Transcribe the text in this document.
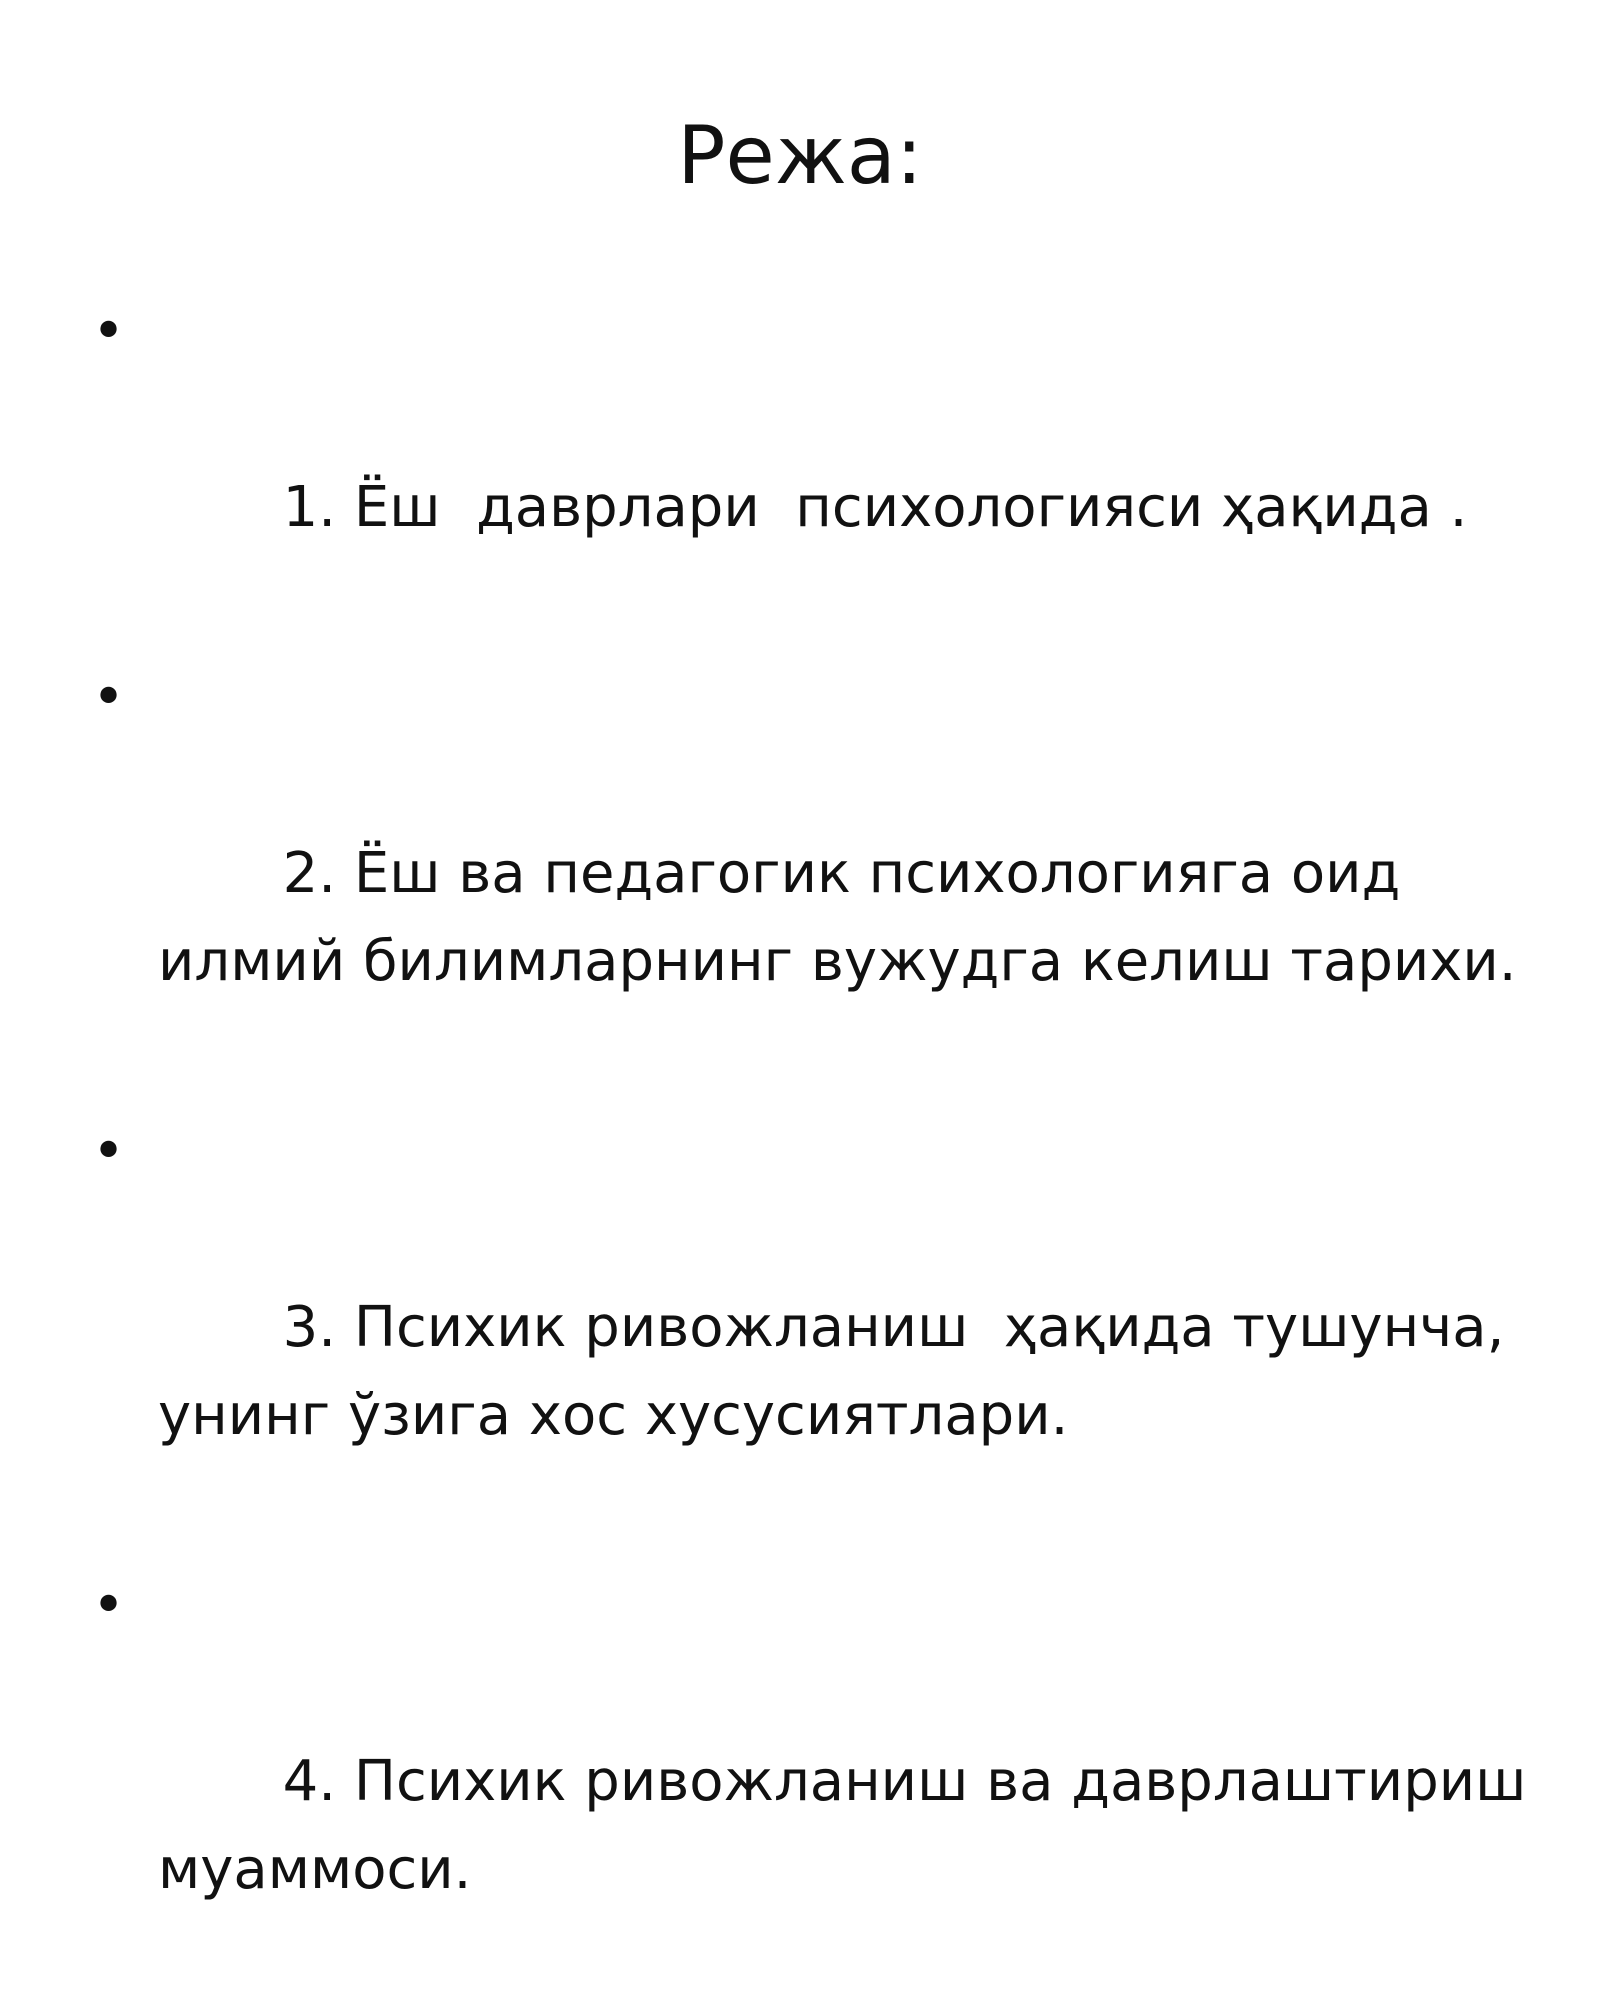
Режа:

•

1. Ёш  даврлари  психологияси ҳақида .

•

2. Ёш ва педагогик психологияга оид илмий билимларнинг вужудга келиш тарихи.

•

3. Психик ривожланиш  ҳақида тушунча, унинг ўзига хос хусусиятлари.

•

4. Психик ривожланиш ва даврлаштириш муаммоси.
